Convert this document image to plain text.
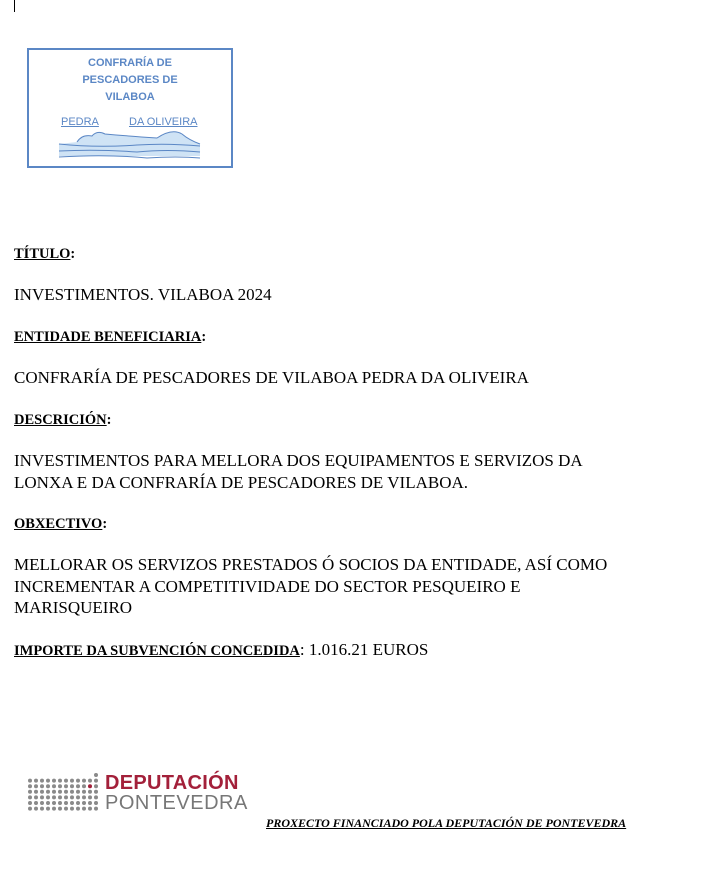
CONFRARÍA DE
PESCADORES DE
VILABOA
PEDRA	DA OLIVEIRA
TÍTULO:
INVESTIMENTOS. VILABOA 2024
ENTIDADE BENEFICIARIA:
CONFRARÍA DE PESCADORES DE VILABOA PEDRA DA OLIVEIRA
DESCRICIÓN:
INVESTIMENTOS PARA MELLORA DOS EQUIPAMENTOS E SERVIZOS DA
LONXA E DA CONFRARÍA DE PESCADORES DE VILABOA.
OBXECTIVO:
MELLORAR OS SERVIZOS PRESTADOS Ó SOCIOS DA ENTIDADE, ASÍ COMO
INCREMENTAR A COMPETITIVIDADE DO SECTOR PESQUEIRO E
MARISQUEIRO
IMPORTE DA SUBVENCIÓN CONCEDIDA: 1.016.21 EUROS
DEPUTACIÓN
PONTEVEDRA
PROXECTO FINANCIADO POLA DEPUTACIÓN DE PONTEVEDRA
